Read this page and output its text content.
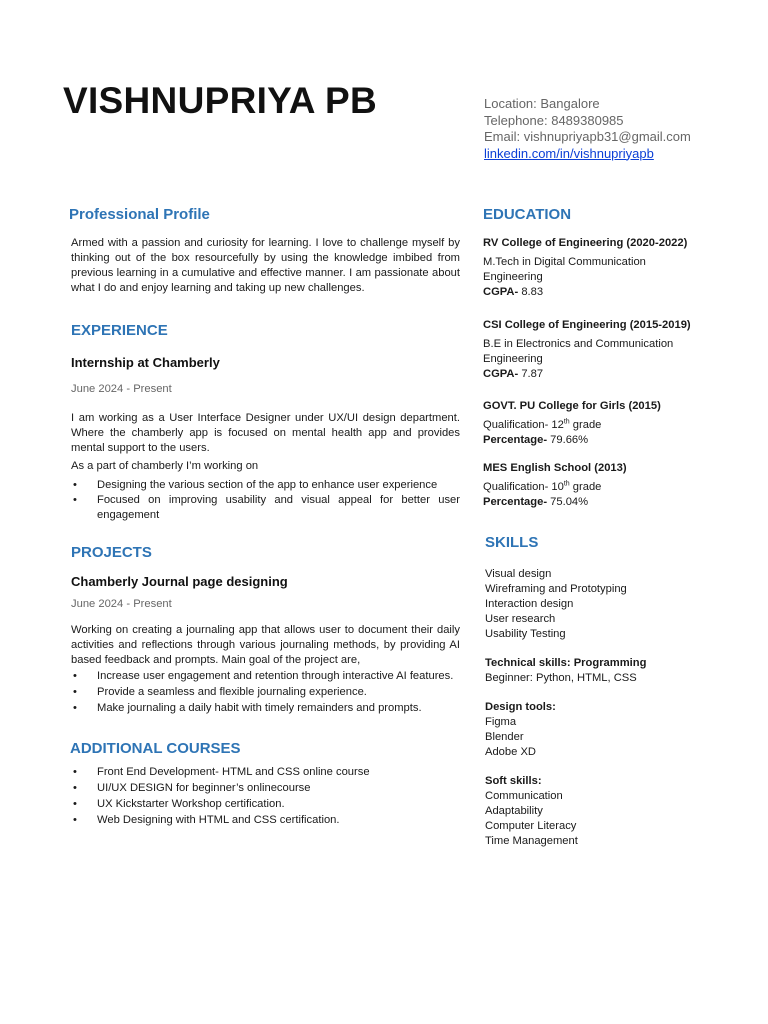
VISHNUPRIYA PB	Location: Bangalore
Telephone: 8489380985
Email: vishnupriyapb31@gmail.com
linkedin.com/in/vishnupriyapb
Professional Profile

Armed with a passion and curiosity for learning. I love to challenge myself by thinking out of the box resourcefully by using the knowledge imbibed from previous learning in a cumulative and effective manner. I am passionate about what I do and enjoy learning and taking up new challenges.

EXPERIENCE

Internship at Chamberly

June 2024 - Present

I am working as a User Interface Designer under UX/UI design department. Where the chamberly app is focused on mental health app and provides mental support to the users.

As a part of chamberly I’m working on

• Designing the various section of the app to enhance user experience
• Focused on improving usability and visual appeal for better user engagement
PROJECTS

Chamberly Journal page designing

June 2024 - Present

Working on creating a journaling app that allows user to document their daily activities and reflections through various journaling methods, by providing AI based feedback and prompts. Main goal of the project are,

• Increase user engagement and retention through interactive AI features.
• Provide a seamless and flexible journaling experience.
• Make journaling a daily habit with timely remainders and prompts.
ADDITIONAL COURSES
• Front End Development- HTML and CSS online course
• UI/UX DESIGN for beginner’s onlinecourse
• UX Kickstarter Workshop certification.
• Web Designing with HTML and CSS certification.
EDUCATION

RV College of Engineering (2020-2022)

M.Tech in Digital Communication Engineering

CGPA- 8.83

CSI College of Engineering (2015-2019)

B.E in Electronics and Communication Engineering

CGPA- 7.87

GOVT. PU College for Girls (2015)

Qualification- 12th grade

Percentage- 79.66%

MES English School (2013)

Qualification- 10th grade

Percentage- 75.04%

SKILLS

Visual design

Wireframing and Prototyping

Interaction design

User research

Usability Testing

Technical skills: Programming

Beginner: Python, HTML, CSS

Design tools:

Figma

Blender

Adobe XD

Soft skills:

Communication

Adaptability

Computer Literacy

Time Management
